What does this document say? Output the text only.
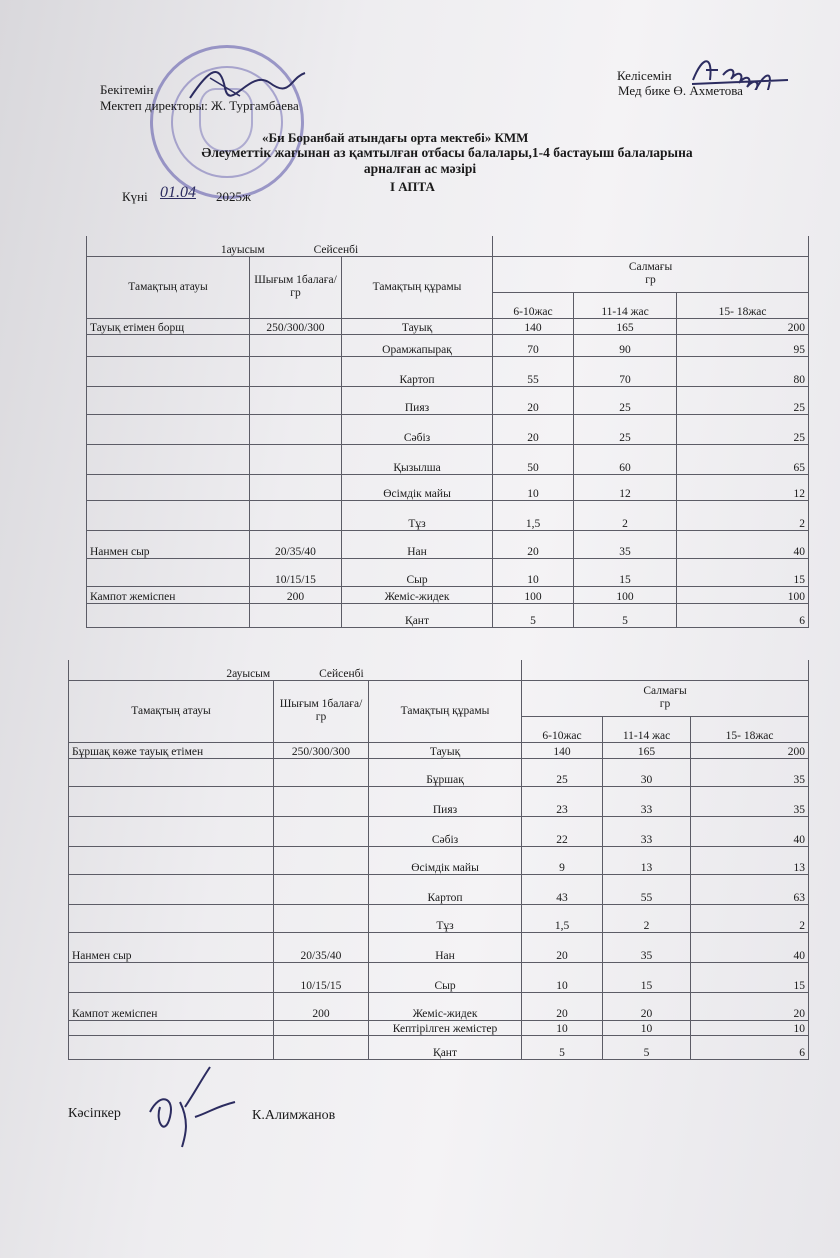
Бекітемін
Мектеп директоры: Ж. Тургамбаева
Келісемін
Мед бике Ө. Ахметова
«Би Боранбай атындағы орта мектебі» КММ
Әлеуметтік жағынан аз қамтылған отбасы балалары,1-4 бастауыш балаларына
арналған ас мәзірі
Күні 01.04 2025ж
I АПТА
1ауысым Сейсенбі					
Тамақтың атауы	Шығым 1балаға/гр	Тамақтың құрамы	Салмағы
гр		
			6-10жас	11-14 жас	15- 18жас
Тауық етімен борщ	250/300/300	Тауық	140	165	200
		Орамжапырақ	70	90	95
		Картоп	55	70	80
		Пияз	20	25	25
		Сәбіз	20	25	25
		Қызылша	50	60	65
		Өсімдік майы	10	12	12
		Тұз	1,5	2	2
Нанмен сыр	20/35/40	Нан	20	35	40
	10/15/15	Сыр	10	15	15
Кампот жеміспен	200	Жеміс-жидек	100	100	100
		Қант	5	5	6
2ауысым Сейсенбі					
Тамақтың атауы	Шығым 1балаға/гр	Тамақтың құрамы	Салмағы
гр		
			6-10жас	11-14 жас	15- 18жас
Бұршақ көже тауық етімен	250/300/300	Тауық	140	165	200
		Бұршақ	25	30	35
		Пияз	23	33	35
		Сәбіз	22	33	40
		Өсімдік майы	9	13	13
		Картоп	43	55	63
		Тұз	1,5	2	2
Нанмен сыр	20/35/40	Нан	20	35	40
	10/15/15	Сыр	10	15	15
Кампот жеміспен	200	Жеміс-жидек	20	20	20
		Кептірілген жемістер	10	10	10
		Қант	5	5	6
Кәсіпкер	К.Алимжанов
